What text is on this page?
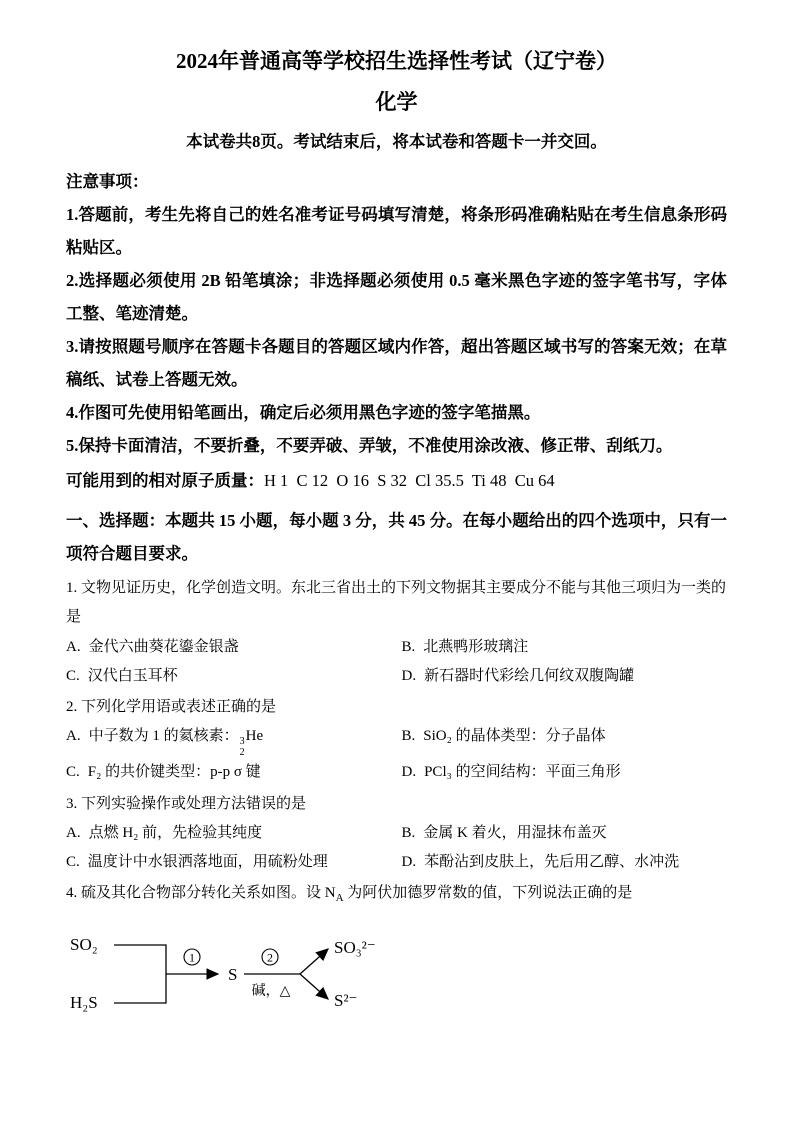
2024年普通高等学校招生选择性考试（辽宁卷）
化学

本试卷共8页。考试结束后，将本试卷和答题卡一并交回。

注意事项：

1.答题前，考生先将自己的姓名准考证号码填写清楚，将条形码准确粘贴在考生信息条形码粘贴区。

2.选择题必须使用 2B 铅笔填涂；非选择题必须使用 0.5 毫米黑色字迹的签字笔书写，字体工整、笔迹清楚。

3.请按照题号顺序在答题卡各题目的答题区域内作答，超出答题区域书写的答案无效；在草稿纸、试卷上答题无效。

4.作图可先使用铅笔画出，确定后必须用黑色字迹的签字笔描黑。

5.保持卡面清洁，不要折叠，不要弄破、弄皱，不准使用涂改液、修正带、刮纸刀。

可能用到的相对原子质量：H 1  C 12  O 16  S 32  Cl 35.5  Ti 48  Cu 64

一、选择题：本题共 15 小题，每小题 3 分，共 45 分。在每小题给出的四个选项中，只有一项符合题目要求。

1. 文物见证历史，化学创造文明。东北三省出土的下列文物据其主要成分不能与其他三项归为一类的是

A. 金代六曲葵花鎏金银盏	B. 北燕鸭形玻璃注
C. 汉代白玉耳杯	D. 新石器时代彩绘几何纹双腹陶罐

2. 下列化学用语或表述正确的是

A. 中子数为 1 的氦核素： 3
2
He	B. SiO₂ 的晶体类型：分子晶体
C. F₂ 的共价键类型：p-p σ 键	D. PCl₃ 的空间结构：平面三角形

3. 下列实验操作或处理方法错误的是

A. 点燃 H₂ 前，先检验其纯度	B. 金属 K 着火，用湿抹布盖灭
C. 温度计中水银洒落地面，用硫粉处理	D. 苯酚沾到皮肤上，先后用乙醇、水冲洗

4. 硫及其化合物部分转化关系如图。设 $N_A$ 为阿伏加德罗常数的值，下列说法正确的是

SO₂
H₂S
1
S
2
碱，△
SO₃²⁻
S²⁻
